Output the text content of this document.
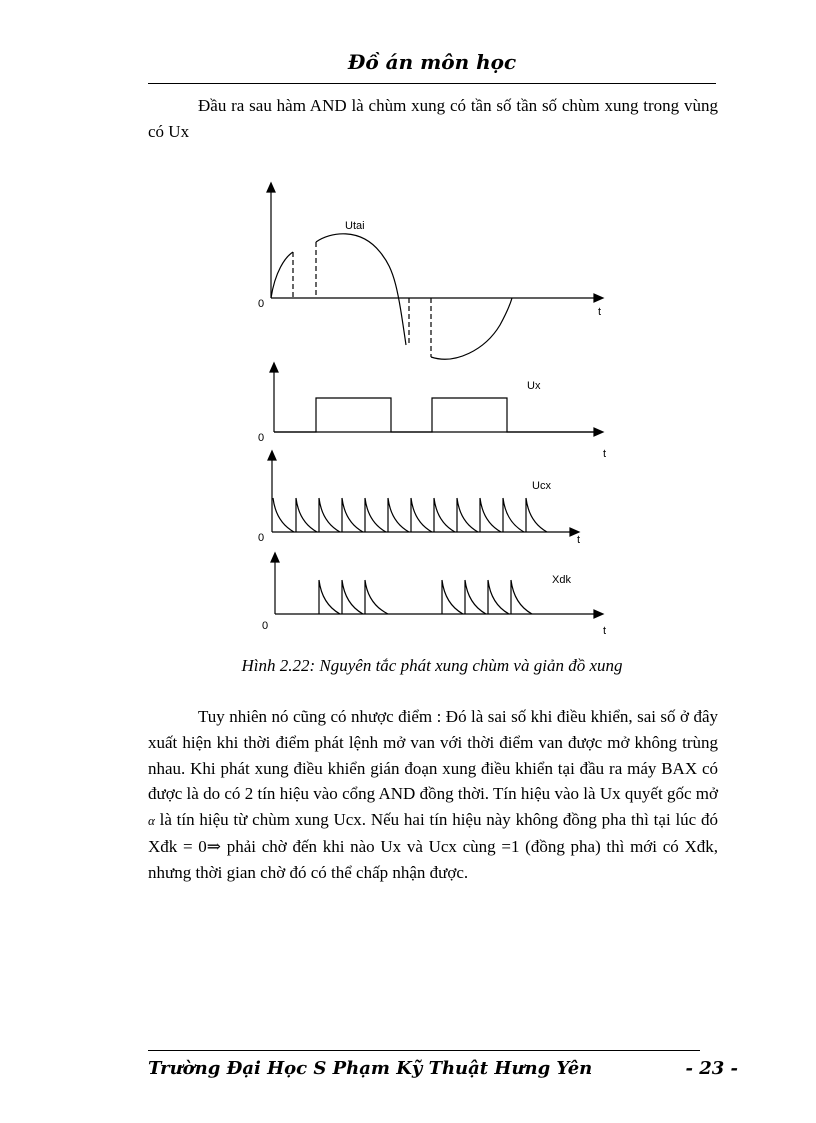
Đồ án môn học

Đầu ra sau hàm AND là chùm xung có tần số tần số chùm xung trong vùng có Ux

Utai
0
t
Ux
0
t
Ucx
0	t
Xdk
0	t
Hình 2.22: Nguyên tắc phát xung chùm và giản đồ xung

Tuy nhiên nó cũng có nhược điểm : Đó là sai số khi điều khiển, sai số ở đây xuất hiện khi thời điểm phát lệnh mở van với thời điểm van được mở không trùng nhau. Khi phát xung điều khiển gián đoạn xung điều khiển tại đầu ra máy BAX có được là do có 2 tín hiệu vào cổng AND đồng thời. Tín hiệu vào là Ux quyết gốc mở α là tín hiệu từ chùm xung Ucx. Nếu hai tín hiệu này không đồng pha thì tại lúc đó Xđk = 0⇒ phải chờ đến khi nào Ux và Ucx cùng =1 (đồng pha) thì mới có Xđk, nhưng thời gian chờ đó có thể chấp nhận được.

Trường Đại Học S Phạm Kỹ Thuật Hưng Yên	- 23 -
